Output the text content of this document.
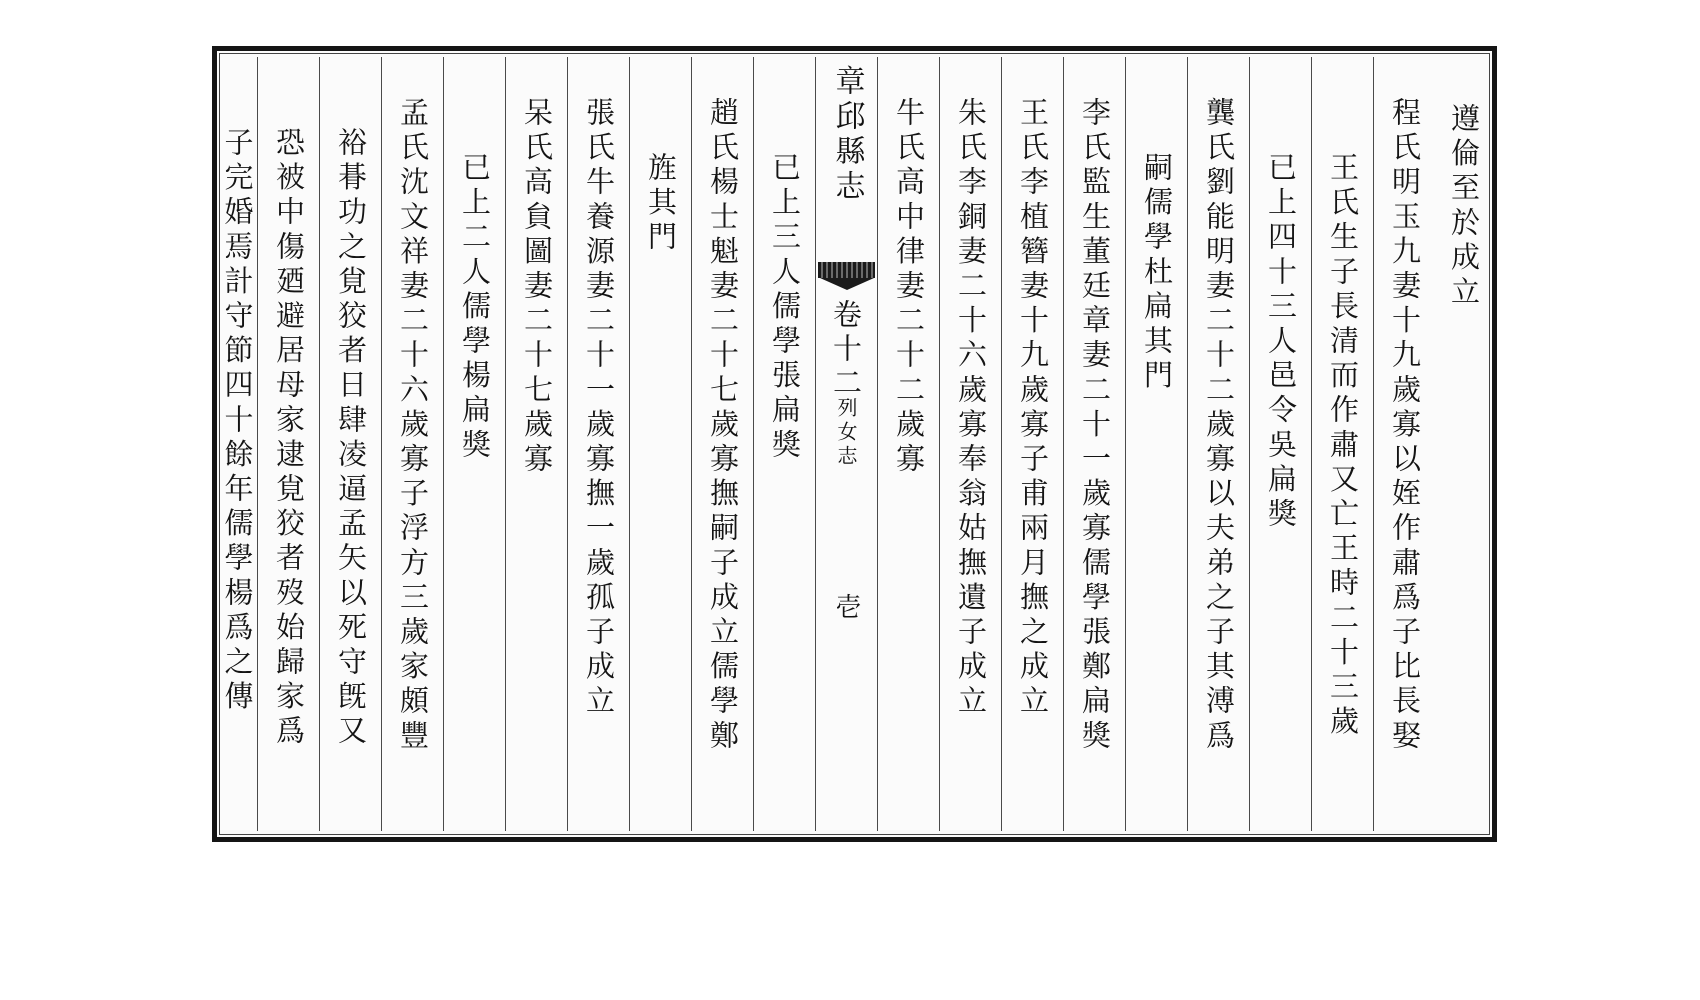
遵倫至於成立
程氏明玉九妻十九歲寡以姪作肅爲子比長娶
王氏生子長清而作肅又亡王時二十三歲
已上四十三人邑令吳扁獎
龔氏劉能明妻二十二歲寡以夫弟之子其溥爲
嗣儒學杜扁其門
李氏監生董廷章妻二十一歲寡儒學張鄭扁獎
王氏李植簪妻十九歲寡子甫兩月撫之成立
朱氏李銅妻二十六歲寡奉翁姑撫遺子成立
牛氏高中律妻二十二歲寡
章邱縣志
卷十二
列女志
壱
已上三人儒學張扁獎
趙氏楊士魁妻二十七歲寡撫嗣子成立儒學鄭
旌其門
張氏牛養源妻二十一歲寡撫一歲孤子成立
呆氏高貟圖妻二十七歲寡
已上二人儒學楊扁獎
孟氏沈文祥妻二十六歲寡子浮方三歲家頗豐
裕朞功之覍狡者日肆凌逼孟矢以死守旣又
恐被中傷廼避居母家逮覍狡者歿始歸家爲
子完婚焉計守節四十餘年儒學楊爲之傳
